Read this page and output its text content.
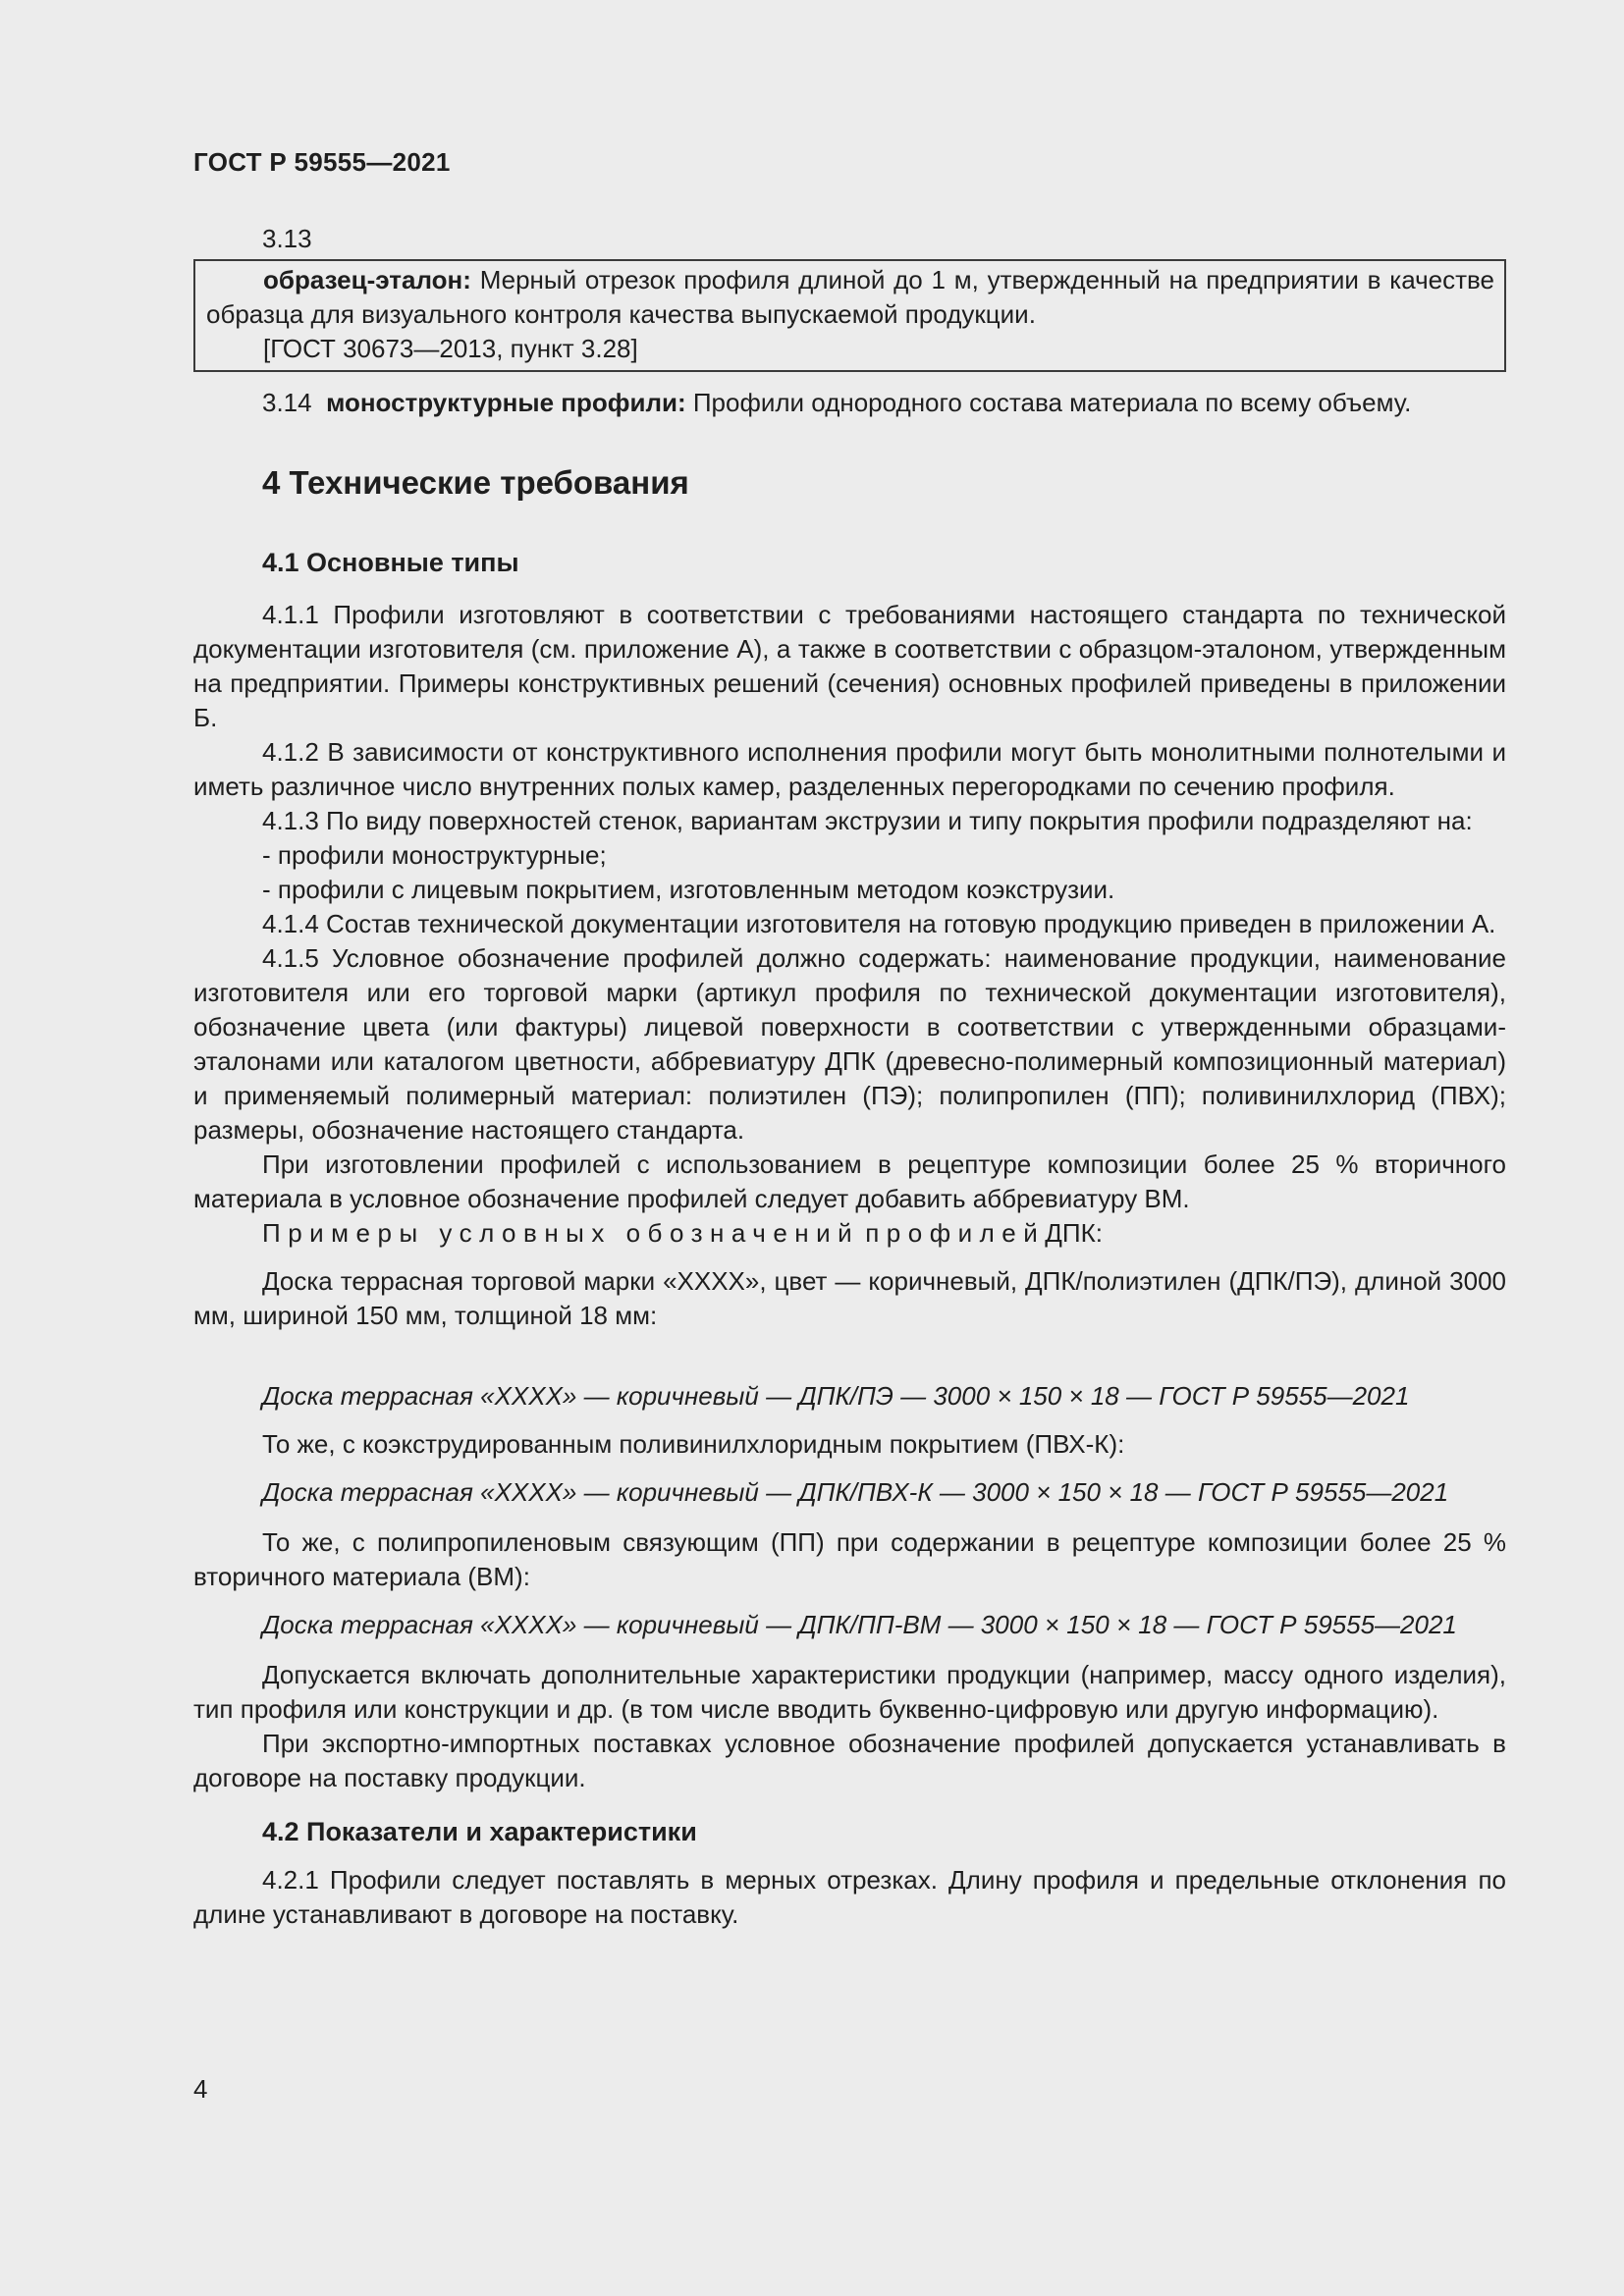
ГОСТ Р 59555—2021

3.13

образец-эталон: Мерный отрезок профиля длиной до 1 м, утвержденный на предприятии в качестве образца для визуального контроля качества выпускаемой продукции.

[ГОСТ 30673—2013, пункт 3.28]

3.14 моноструктурные профили: Профили однородного состава материала по всему объему.

4 Технические требования
4.1 Основные типы

4.1.1 Профили изготовляют в соответствии с требованиями настоящего стандарта по технической документации изготовителя (см. приложение А), а также в соответствии с образцом-эталоном, утвержденным на предприятии. Примеры конструктивных решений (сечения) основных профилей приведены в приложении Б.

4.1.2 В зависимости от конструктивного исполнения профили могут быть монолитными полнотелыми и иметь различное число внутренних полых камер, разделенных перегородками по сечению профиля.

4.1.3 По виду поверхностей стенок, вариантам экструзии и типу покрытия профили подразделяют на:

- профили моноструктурные;

- профили с лицевым покрытием, изготовленным методом коэкструзии.

4.1.4 Состав технической документации изготовителя на готовую продукцию приведен в приложении А.

4.1.5 Условное обозначение профилей должно содержать: наименование продукции, наименование изготовителя или его торговой марки (артикул профиля по технической документации изготовителя), обозначение цвета (или фактуры) лицевой поверхности в соответствии с утвержденными образцами-эталонами или каталогом цветности, аббревиатуру ДПК (древесно-полимерный композиционный материал) и применяемый полимерный материал: полиэтилен (ПЭ); полипропилен (ПП); поливинилхлорид (ПВХ); размеры, обозначение настоящего стандарта.

При изготовлении профилей с использованием в рецептуре композиции более 25 % вторичного материала в условное обозначение профилей следует добавить аббревиатуру ВМ.

Примеры условных обозначений профилейДПК:

Доска террасная торговой марки «ХХХХ», цвет — коричневый, ДПК/полиэтилен (ДПК/ПЭ), длиной 3000 мм, шириной 150 мм, толщиной 18 мм:

Доска террасная «ХХХХ» — коричневый — ДПК/ПЭ — 3000 × 150 × 18 — ГОСТ Р 59555—2021

То же, с коэкструдированным поливинилхлоридным покрытием (ПВХ-К):

Доска террасная «ХХХХ» — коричневый — ДПК/ПВХ-К — 3000 × 150 × 18 — ГОСТ Р 59555—2021

То же, с полипропиленовым связующим (ПП) при содержании в рецептуре композиции более 25 % вторичного материала (ВМ):

Доска террасная «ХХХХ» — коричневый — ДПК/ПП-ВМ — 3000 × 150 × 18 — ГОСТ Р 59555—2021

Допускается включать дополнительные характеристики продукции (например, массу одного изделия), тип профиля или конструкции и др. (в том числе вводить буквенно-цифровую или другую информацию).

При экспортно-импортных поставках условное обозначение профилей допускается устанавливать в договоре на поставку продукции.

4.2 Показатели и характеристики

4.2.1 Профили следует поставлять в мерных отрезках. Длину профиля и предельные отклонения по длине устанавливают в договоре на поставку.

4
